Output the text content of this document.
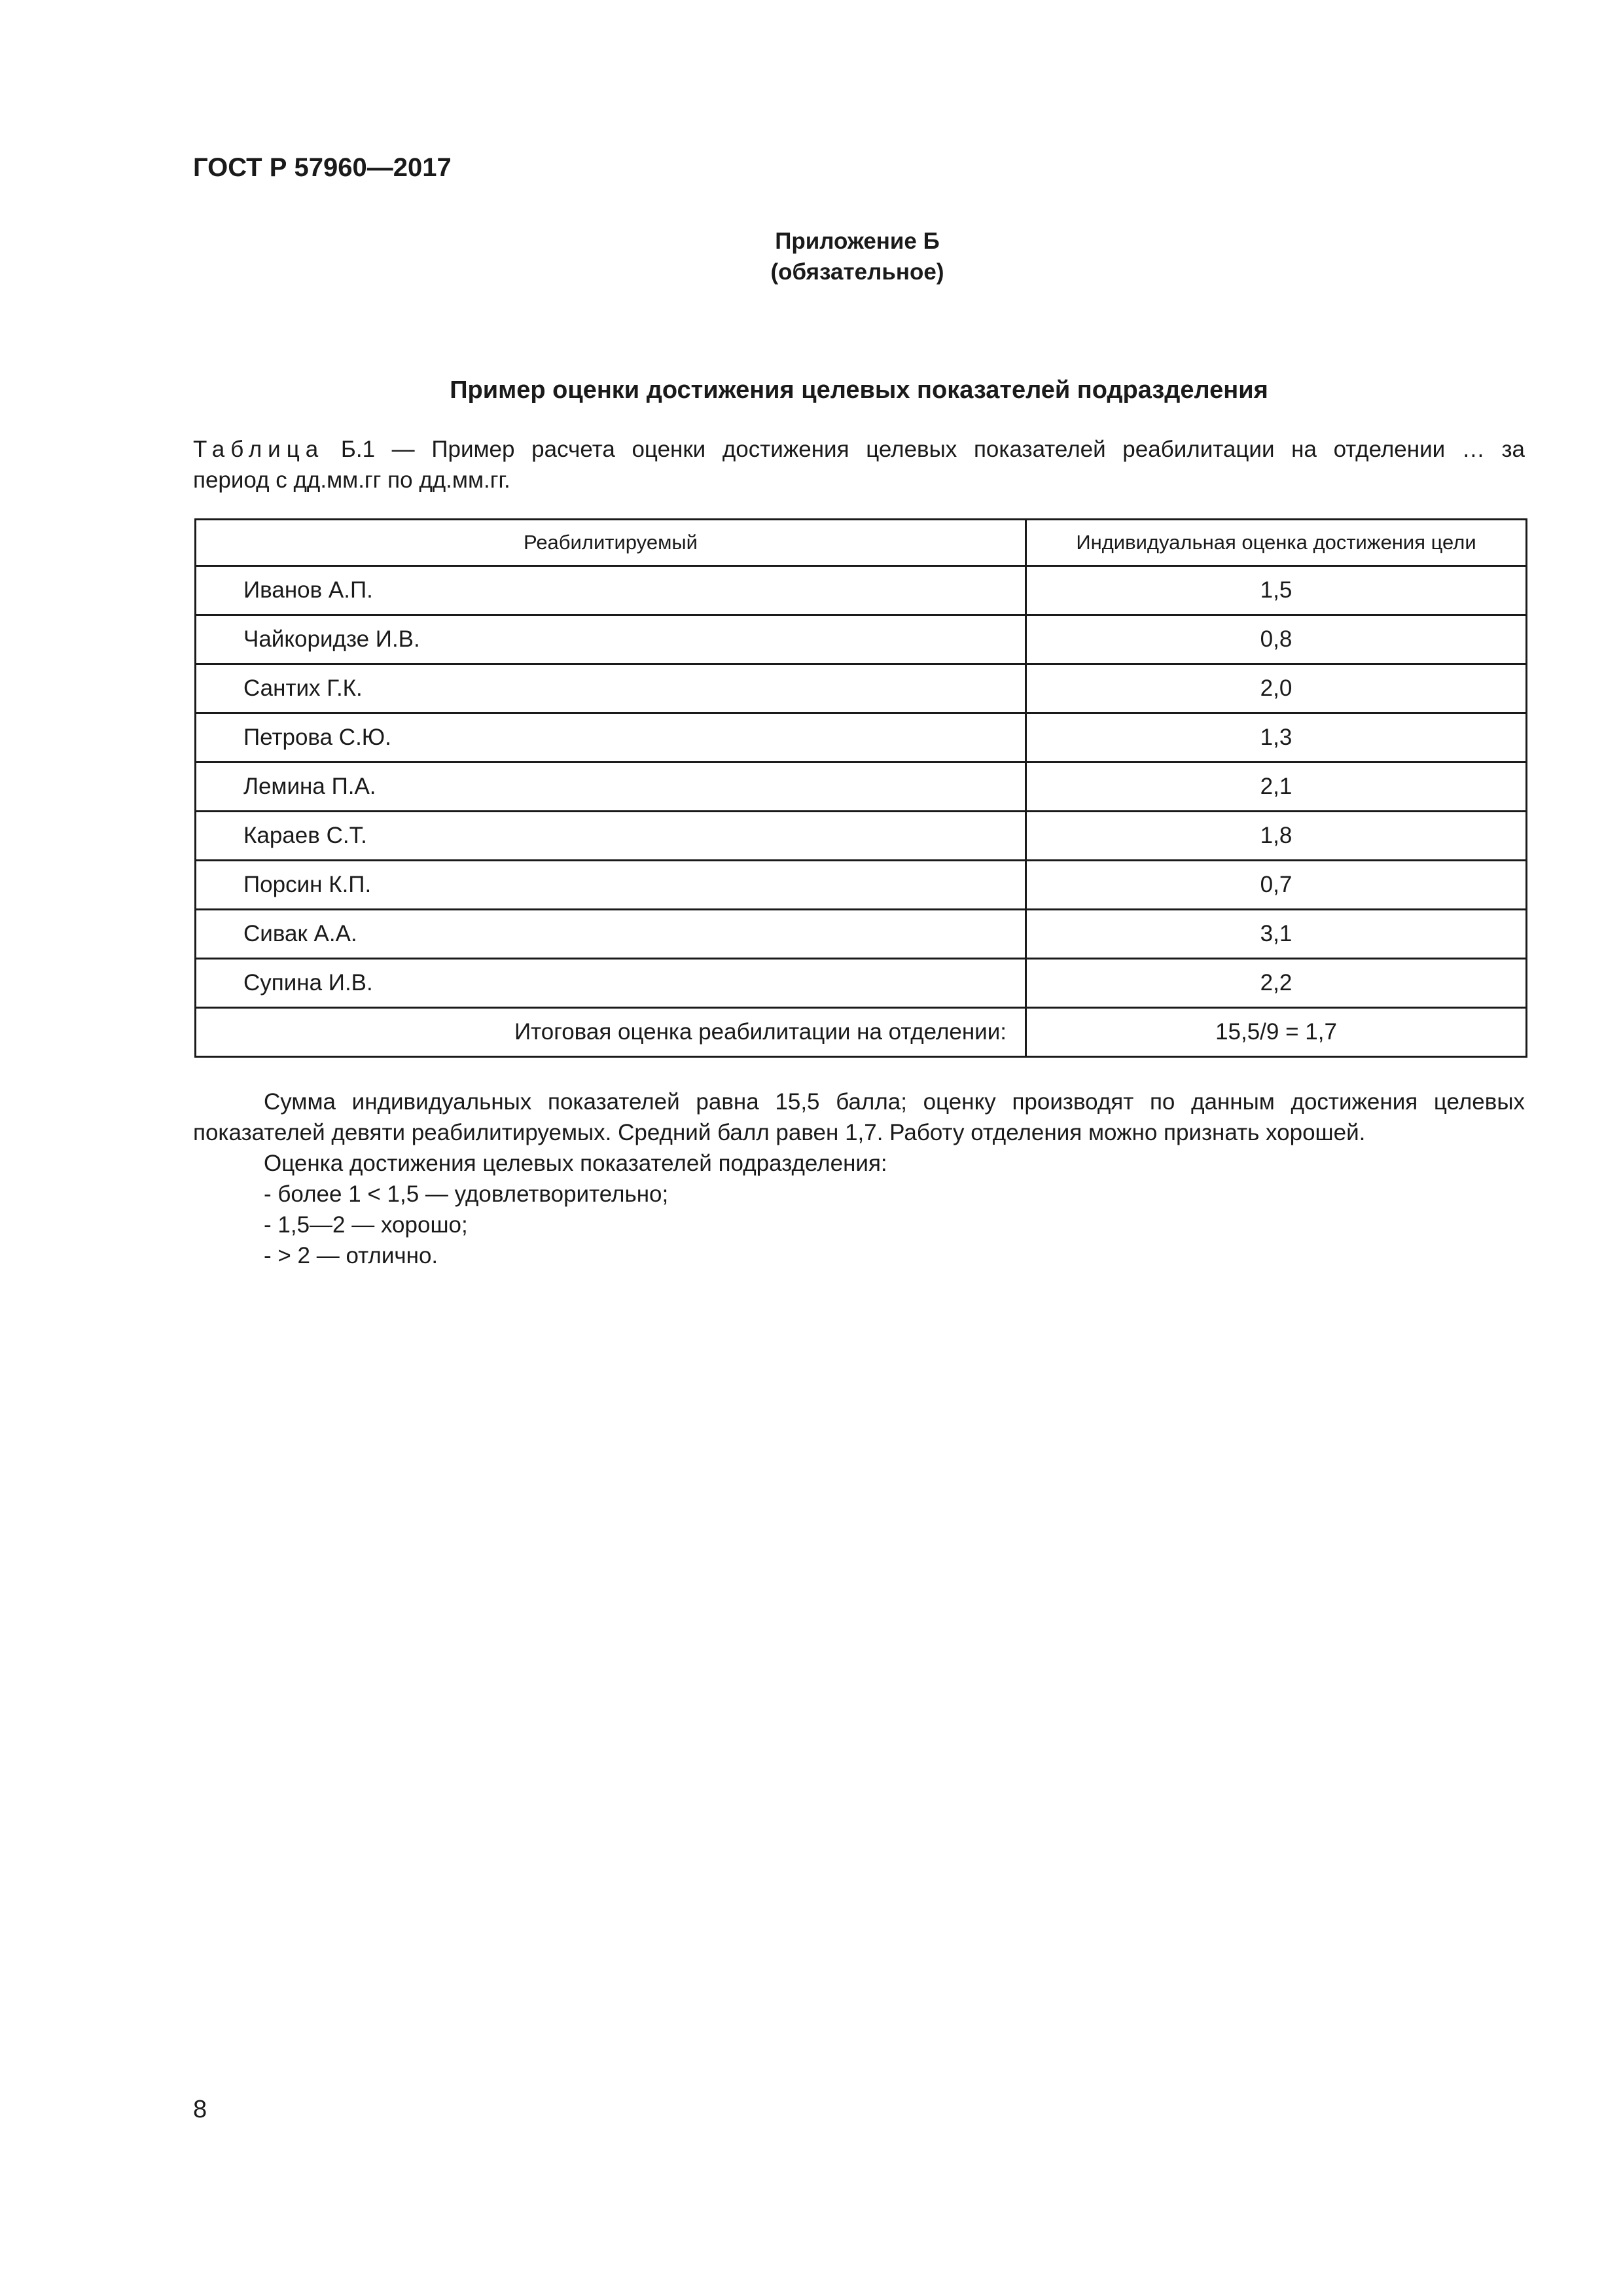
ГОСТ Р 57960—2017
Приложение Б
(обязательное)
Пример оценки достижения целевых показателей подразделения
Таблица Б.1 — Пример расчета оценки достижения целевых показателей реабилитации на отделении … за
период с дд.мм.гг по дд.мм.гг.
Реабилитируемый	Индивидуальная оценка достижения цели
Иванов А.П.	1,5
Чайкоридзе И.В.	0,8
Сантих Г.К.	2,0
Петрова С.Ю.	1,3
Лемина П.А.	2,1
Караев С.Т.	1,8
Порсин К.П.	0,7
Сивак А.А.	3,1
Супина И.В.	2,2
Итоговая оценка реабилитации на отделении:	15,5/9 = 1,7
Сумма индивидуальных показателей равна 15,5 балла; оценку производят по данным достижения целевых
показателей девяти реабилитируемых. Средний балл равен 1,7. Работу отделения можно признать хорошей.
Оценка достижения целевых показателей подразделения:
- более 1 < 1,5 — удовлетворительно;
- 1,5—2 — хорошо;
- > 2 — отлично.
8
